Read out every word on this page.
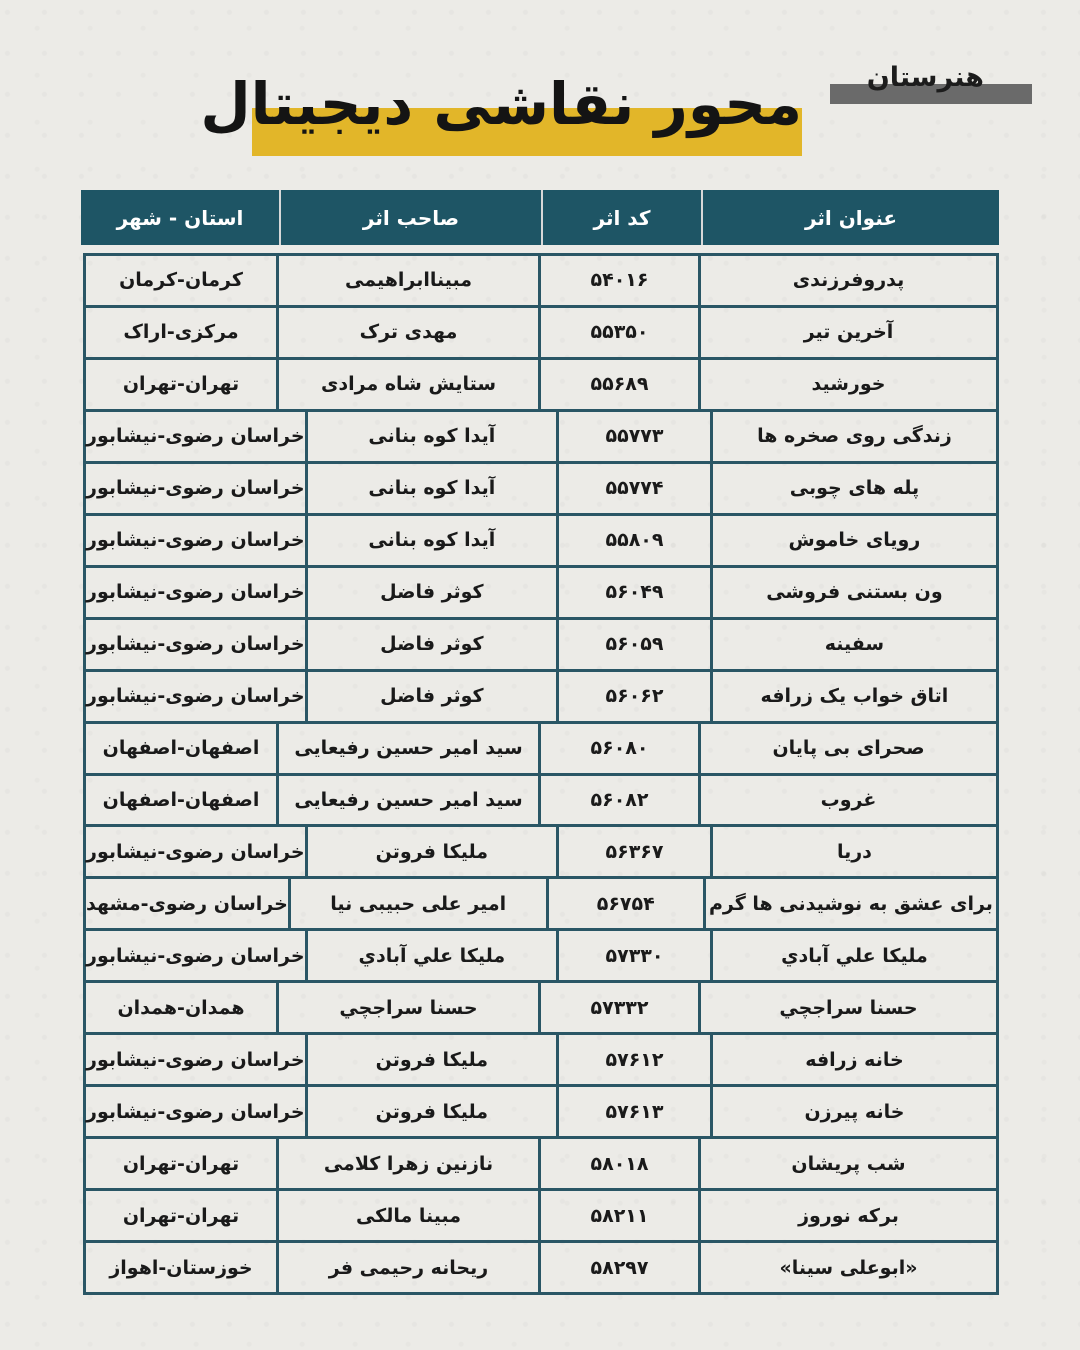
هنرستان
محور نقاشی دیجیتال
عنوان اثر
کد اثر
صاحب اثر
استان - شهر
پدروفرزندی
۵۴۰۱۶
مبیناابراهیمی
کرمان-کرمان
آخرین تیر
۵۵۳۵۰
مهدی ترک
مرکزی-اراک
خورشید
۵۵۶۸۹
ستایش شاه مرادی
تهران-تهران
زندگی روی صخره ها
۵۵۷۷۳
آیدا کوه بنانی
خراسان رضوی-نیشابور
پله های چوبی
۵۵۷۷۴
آیدا کوه بنانی
خراسان رضوی-نیشابور
رویای خاموش
۵۵۸۰۹
آیدا کوه بنانی
خراسان رضوی-نیشابور
ون بستنی فروشی
۵۶۰۴۹
کوثر فاضل
خراسان رضوی-نیشابور
سفینه
۵۶۰۵۹
کوثر فاضل
خراسان رضوی-نیشابور
اتاق خواب یک زرافه
۵۶۰۶۲
کوثر فاضل
خراسان رضوی-نیشابور
صحرای بی پایان
۵۶۰۸۰
سید امیر حسین رفیعایی
اصفهان-اصفهان
غروب
۵۶۰۸۲
سید امیر حسین رفیعایی
اصفهان-اصفهان
دریا
۵۶۳۶۷
ملیکا فروتن
خراسان رضوی-نیشابور
برای عشق به نوشیدنی ها گرم
۵۶۷۵۴
امیر علی حبیبی نیا
خراسان رضوی-مشهد
ملیکا علي آبادي
۵۷۳۳۰
ملیکا علي آبادي
خراسان رضوی-نیشابور
حسنا سراجچي
۵۷۳۳۲
حسنا سراجچي
همدان-همدان
خانه زرافه
۵۷۶۱۲
ملیکا فروتن
خراسان رضوی-نیشابور
خانه پیرزن
۵۷۶۱۳
ملیکا فروتن
خراسان رضوی-نیشابور
شب پریشان
۵۸۰۱۸
نازنین زهرا کلامی
تهران-تهران
برکه نوروز
۵۸۲۱۱
مبینا مالکی
تهران-تهران
«ابوعلی سینا»
۵۸۲۹۷
ریحانه رحیمی فر
خوزستان-اهواز
